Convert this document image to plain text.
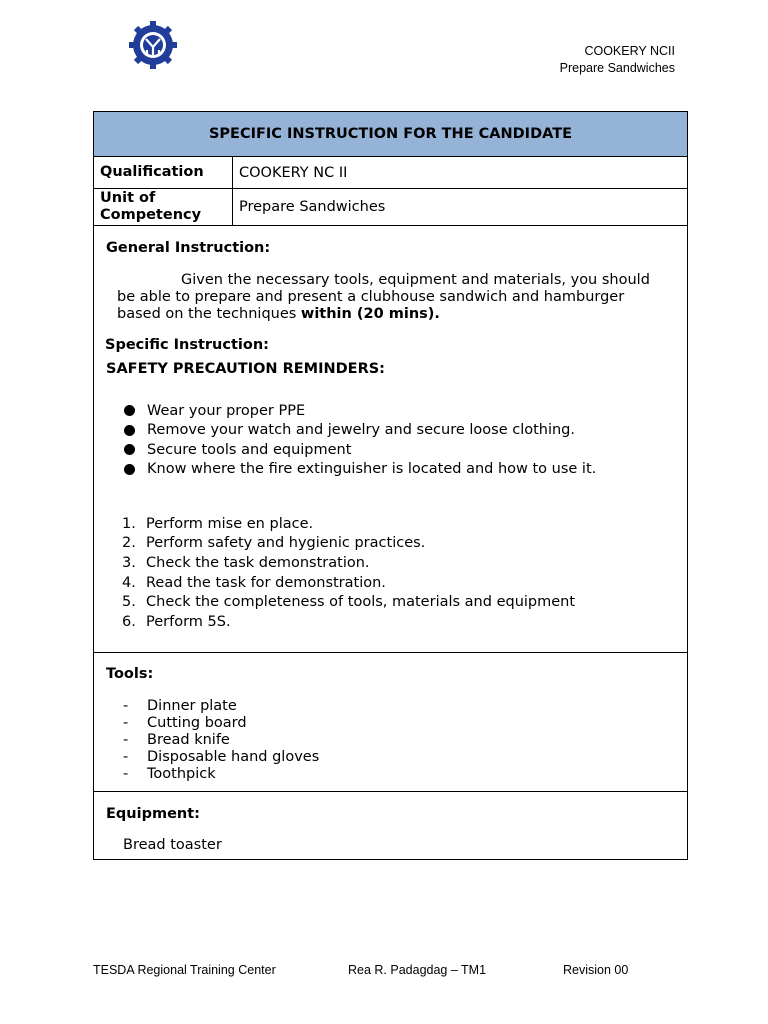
COOKERY NCII
Prepare Sandwiches
SPECIFIC INSTRUCTION FOR THE CANDIDATE
Qualification	COOKERY NC II
Unit of
Competency	Prepare Sandwiches
General Instruction:
Given the necessary tools, equipment and materials, you should
be able to prepare and present a clubhouse sandwich and hamburger
based on the techniques within (20 mins).
Specific Instruction:
SAFETY PRECAUTION REMINDERS:
Wear your proper PPE
Remove your watch and jewelry and secure loose clothing.
Secure tools and equipment
Know where the fire extinguisher is located and how to use it.
1. Perform mise en place.
2. Perform safety and hygienic practices.
3. Check the task demonstration.
4. Read the task for demonstration.
5. Check the completeness of tools, materials and equipment
6. Perform 5S.
Tools:
-	Dinner plate
-	Cutting board
-	Bread knife
-	Disposable hand gloves
-	Toothpick
Equipment:
Bread toaster
TESDA Regional Training Center	Rea R. Padagdag – TM1	Revision 00
